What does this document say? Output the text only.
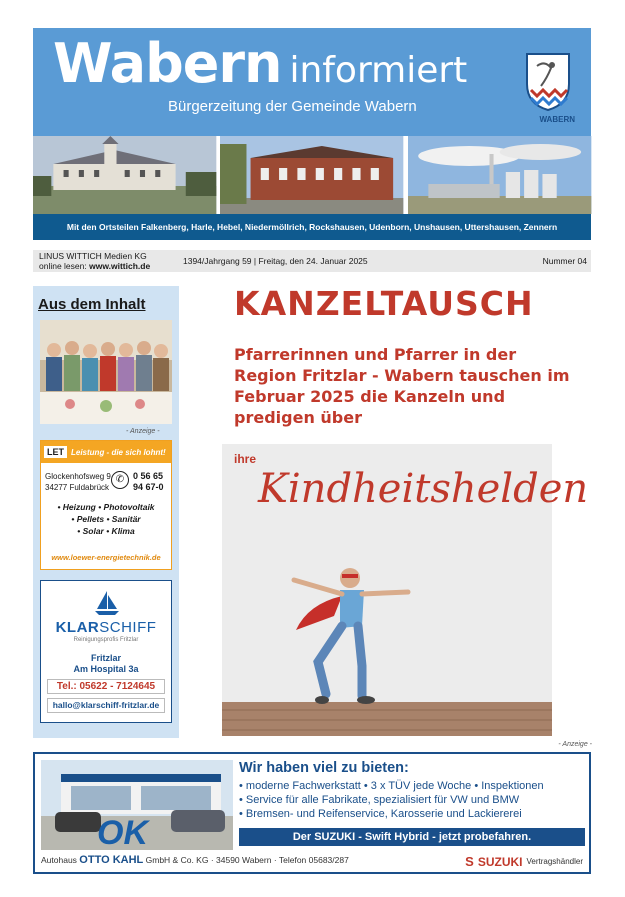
Wabern informiert
Bürgerzeitung der Gemeinde Wabern
WABERN
Mit den Ortsteilen Falkenberg, Harle, Hebel, Niedermöllrich, Rockshausen, Udenborn, Unshausen, Uttershausen, Zennern
LINUS WITTICH Medien KG
online lesen: www.wittich.de	1394/Jahrgang 59 | Freitag, den 24. Januar 2025	Nummer 04
Aus dem Inhalt
- Anzeige -
LET Leistung - die sich lohnt!
Glockenhofsweg 9
34277 Fuldabrück
✆ 0 56 65
94 67-0
• Heizung • Photovoltaik
• Pellets • Sanitär
• Solar • Klima
www.loewer-energietechnik.de
KLARSCHIFF
Reinigungsprofis Fritzlar
Fritzlar
Am Hospital 3a
Tel.: 05622 - 7124645
hallo@klarschiff-fritzlar.de
KANZELTAUSCH
Pfarrerinnen und Pfarrer in der Region Fritzlar - Wabern tauschen im Februar 2025 die Kanzeln und predigen über
ihre
Kindheitshelden
- Anzeige -
OK
Wir haben viel zu bieten:
• moderne Fachwerkstatt • 3 x TÜV jede Woche • Inspektionen
• Service für alle Fabrikate, spezialisiert für VW und BMW
• Bremsen- und Reifenservice, Karosserie und Lackiererei
Der SUZUKI - Swift Hybrid - jetzt probefahren.
Autohaus OTTO KAHL GmbH & Co. KG · 34590 Wabern · Telefon 05683/287	S SUZUKI Vertragshändler
